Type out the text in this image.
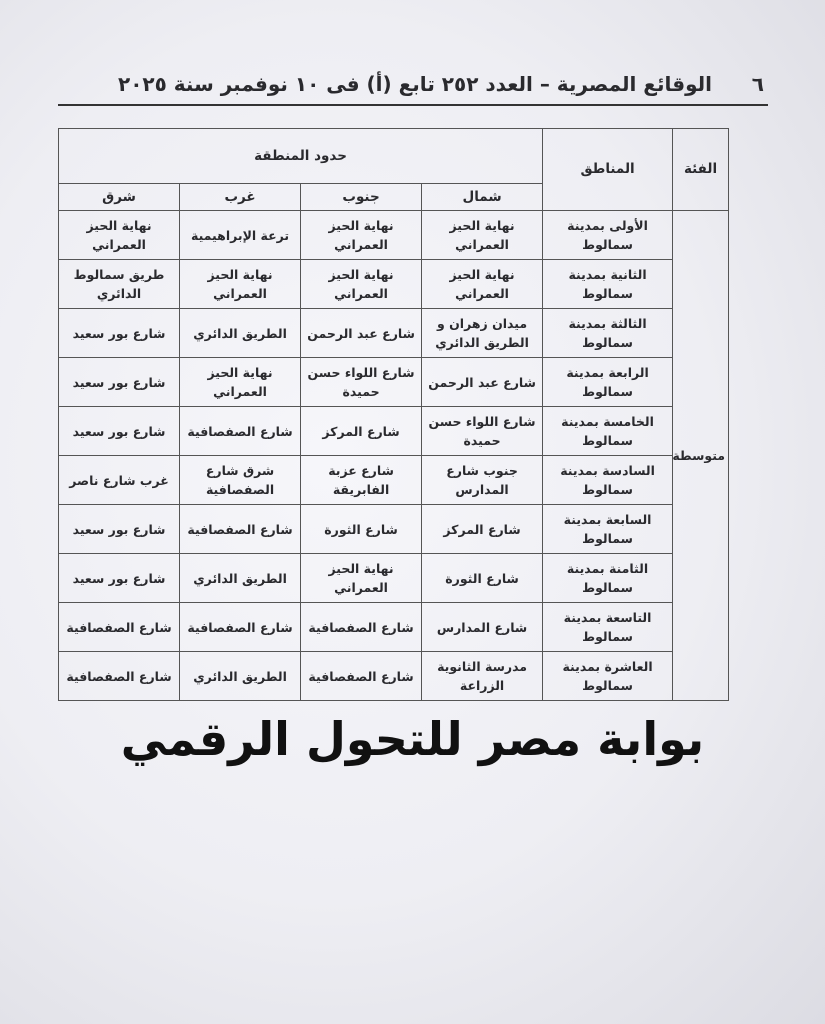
٦
الوقائع المصرية – العدد ٢٥٢ تابع (أ) فى ١٠ نوفمبر سنة ٢٠٢٥
الفئة	المناطق	حدود المنطقة			
		شمال	جنوب	غرب	شرق
متوسطة	الأولى بمدينة سمالوط	نهاية الحيز العمراني	نهاية الحيز العمراني	ترعة الإبراهيمية	نهاية الحيز العمراني
	الثانية بمدينة سمالوط	نهاية الحيز العمراني	نهاية الحيز العمراني	نهاية الحيز العمراني	طريق سمالوط الدائري
	الثالثة بمدينة سمالوط	ميدان زهران و الطريق الدائري	شارع عبد الرحمن	الطريق الدائري	شارع بور سعيد
	الرابعة بمدينة سمالوط	شارع عبد الرحمن	شارع اللواء حسن حميدة	نهاية الحيز العمراني	شارع بور سعيد
	الخامسة بمدينة سمالوط	شارع اللواء حسن حميدة	شارع المركز	شارع الصفصافية	شارع بور سعيد
	السادسة بمدينة سمالوط	جنوب شارع المدارس	شارع عزبة الفابريقة	شرق شارع الصفصافية	غرب شارع ناصر
	السابعة بمدينة سمالوط	شارع المركز	شارع الثورة	شارع الصفصافية	شارع بور سعيد
	الثامنة بمدينة سمالوط	شارع الثورة	نهاية الحيز العمراني	الطريق الدائري	شارع بور سعيد
	التاسعة بمدينة سمالوط	شارع المدارس	شارع الصفصافية	شارع الصفصافية	شارع الصفصافية
	العاشرة بمدينة سمالوط	مدرسة الثانوية الزراعة	شارع الصفصافية	الطريق الدائري	شارع الصفصافية
بوابة مصر للتحول الرقمي
